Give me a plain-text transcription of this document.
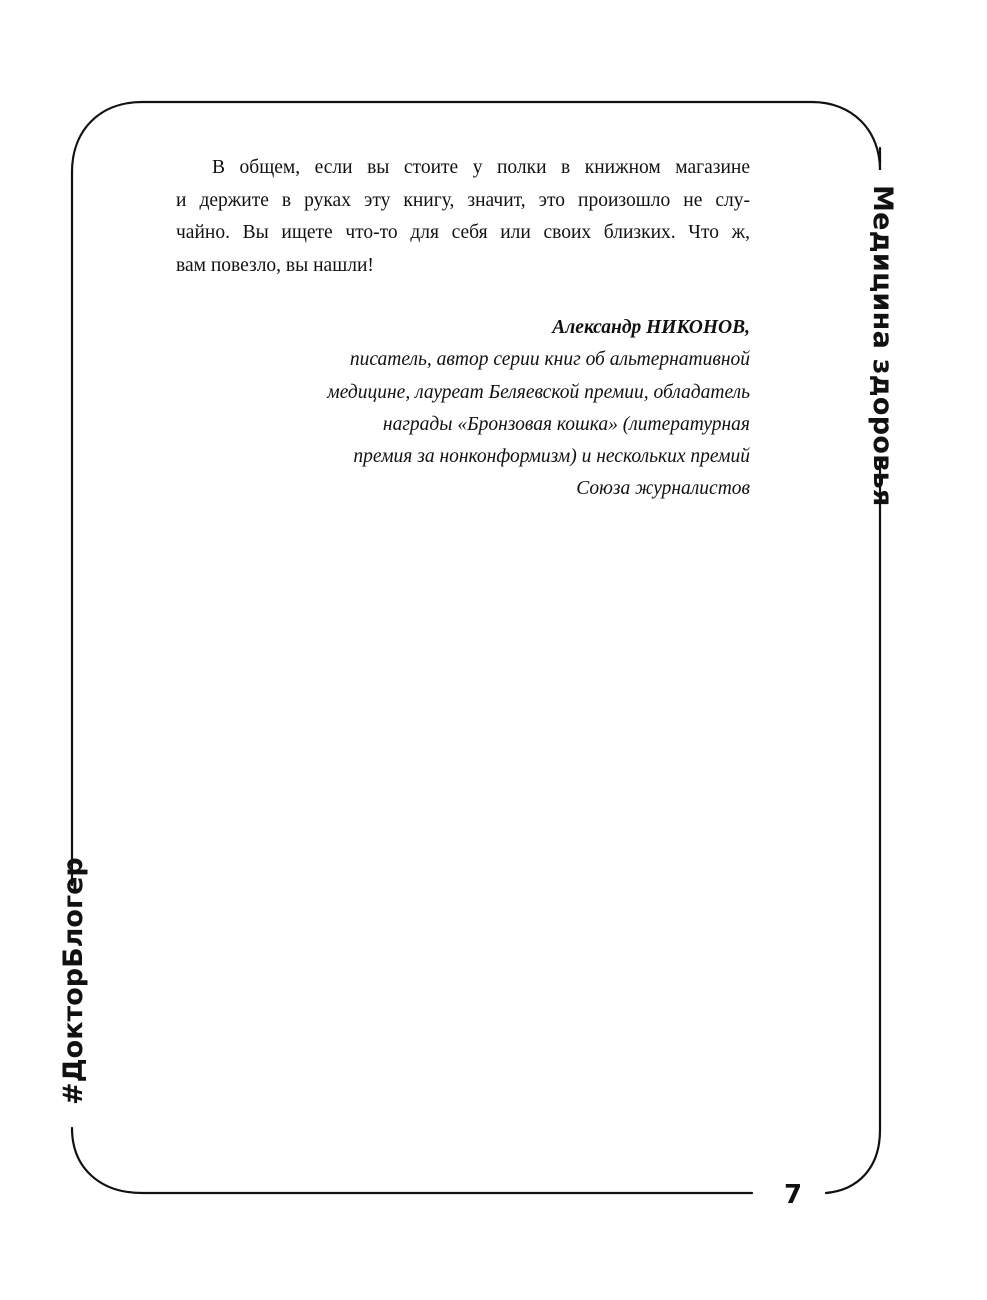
В общем, если вы стоите у полки в книжном магазине
и держите в руках эту книгу, значит, это произошло не слу-
чайно. Вы ищете что-то для себя или своих близких. Что ж,
вам повезло, вы нашли!
Александр НИКОНОВ,
писатель, автор серии книг об альтернативной
медицине, лауреат Беляевской премии, обладатель
награды «Бронзовая кошка» (литературная
премия за нонконформизм) и нескольких премий
Союза журналистов	Медицина здоровья
#ДокторБлогер
7
